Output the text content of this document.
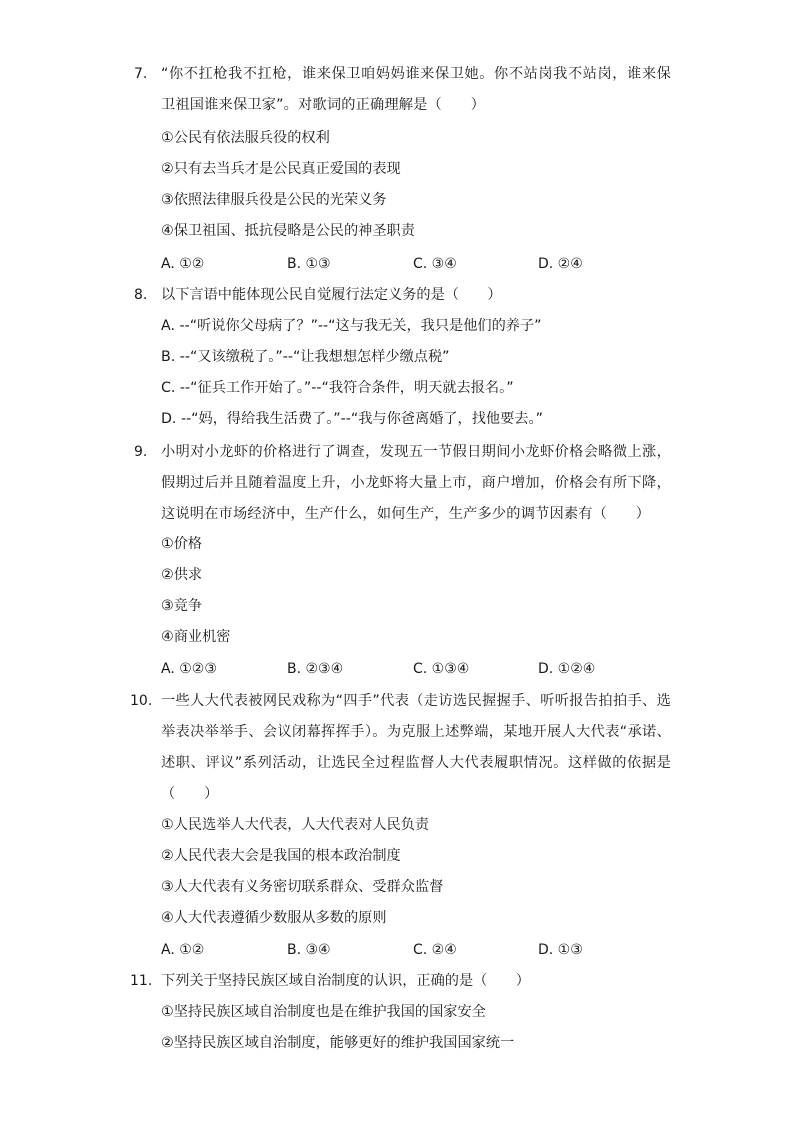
7. “你不扛枪我不扛枪，谁来保卫咱妈妈谁来保卫她。你不站岗我不站岗，谁来保卫祖国谁来保卫家”。对歌词的正确理解是（　　）
①公民有依法服兵役的权利
②只有去当兵才是公民真正爱国的表现
③依照法律服兵役是公民的光荣义务
④保卫祖国、抵抗侵略是公民的神圣职责
A. ①②	B. ①③	C. ③④	D. ②④
8. 以下言语中能体现公民自觉履行法定义务的是（　　）
A. --“听说你父母病了？”--“这与我无关，我只是他们的养子”
B. --“又该缴税了。”--“让我想想怎样少缴点税”
C. --“征兵工作开始了。”--“我符合条件，明天就去报名。”
D. --“妈，得给我生活费了。”--“我与你爸离婚了，找他要去。”
9. 小明对小龙虾的价格进行了调查，发现五一节假日期间小龙虾价格会略微上涨，假期过后并且随着温度上升，小龙虾将大量上市，商户增加，价格会有所下降，这说明在市场经济中，生产什么，如何生产，生产多少的调节因素有（　　）
①价格
②供求
③竞争
④商业机密
A. ①②③	B. ②③④	C. ①③④	D. ①②④
10. 一些人大代表被网民戏称为“四手”代表（走访选民握握手、听听报告拍拍手、选举表决举举手、会议闭幕挥挥手）。为克服上述弊端，某地开展人大代表“承诺、述职、评议”系列活动，让选民全过程监督人大代表履职情况。这样做的依据是（　　）
①人民选举人大代表，人大代表对人民负责
②人民代表大会是我国的根本政治制度
③人大代表有义务密切联系群众、受群众监督
④人大代表遵循少数服从多数的原则
A. ①②	B. ③④	C. ②④	D. ①③
11. 下列关于坚持民族区域自治制度的认识，正确的是（　　）
①坚持民族区域自治制度也是在维护我国的国家安全
②坚持民族区域自治制度，能够更好的维护我国国家统一
